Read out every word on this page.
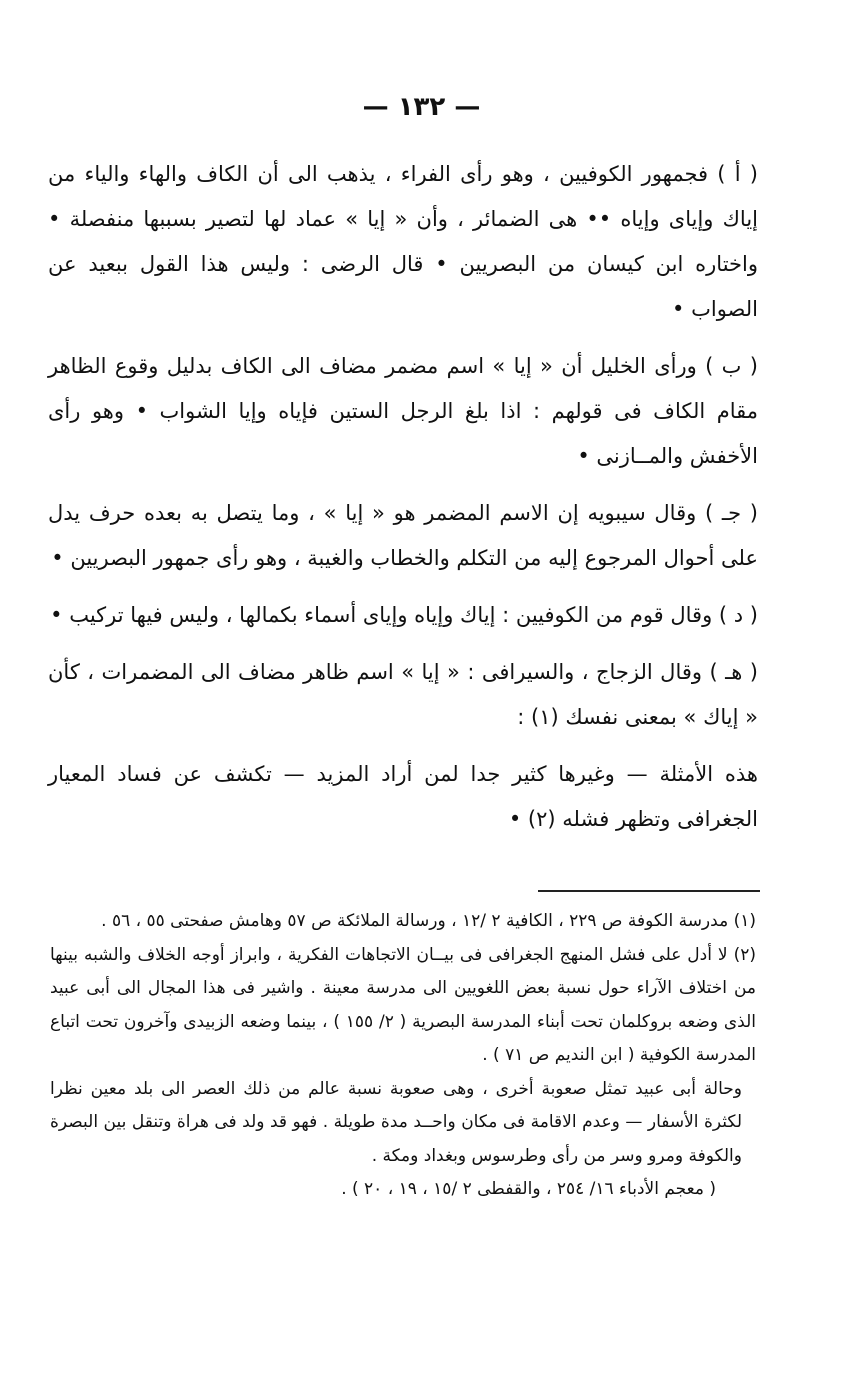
— ١٣٢ —

( أ ) فجمهور الكوفيين ، وهو رأى الفراء ، يذهب الى أن الكاف والهاء والياء من إياك وإياى وإياه •• هى الضمائر ، وأن « إيا » عماد لها لتصير بسببها منفصلة • واختاره ابن كيسان من البصريين • قال الرضى : وليس هذا القول ببعيد عن الصواب •

( ب ) ورأى الخليل أن « إيا » اسم مضمر مضاف الى الكاف بدليل وقوع الظاهر مقام الكاف فى قولهم : اذا بلغ الرجل الستين فإياه وإيا الشواب • وهو رأى الأخفش والمــازنى •

( جـ ) وقال سيبويه إن الاسم المضمر هو « إيا » ، وما يتصل به بعده حرف يدل على أحوال المرجوع إليه من التكلم والخطاب والغيبة ، وهو رأى جمهور البصريين •

( د ) وقال قوم من الكوفيين : إياك وإياه وإياى أسماء بكمالها ، وليس فيها تركيب •

( هـ ) وقال الزجاج ، والسيرافى : « إيا » اسم ظاهر مضاف الى المضمرات ، كأن « إياك » بمعنى نفسك (١) :

هذه الأمثلة — وغيرها كثير جدا لمن أراد المزيد — تكشف عن فساد المعيار الجغرافى وتظهر فشله (٢) •

(١) مدرسة الكوفة ص ٢٢٩ ، الكافية ٢ /١٢ ، ورسالة الملائكة ص ٥٧ وهامش صفحتى ٥٥ ، ٥٦ .

(٢) لا أدل على فشل المنهج الجغرافى فى بيــان الاتجاهات الفكرية ، وابراز أوجه الخلاف والشبه بينها من اختلاف الآراء حول نسبة بعض اللغويين الى مدرسة معينة . واشير فى هذا المجال الى أبى عبيد الذى وضعه بروكلمان تحت أبناء المدرسة البصرية ( ٢/ ١٥٥ ) ، بينما وضعه الزبيدى وآخرون تحت اتباع المدرسة الكوفية ( ابن النديم ص ٧١ ) .

وحالة أبى عبيد تمثل صعوبة أخرى ، وهى صعوبة نسبة عالم من ذلك العصر الى بلد معين نظرا لكثرة الأسفار — وعدم الاقامة فى مكان واحــد مدة طويلة . فهو قد ولد فى هراة وتنقل بين البصرة والكوفة ومرو وسر من رأى وطرسوس وبغداد ومكة .

( معجم الأدباء ١٦/ ٢٥٤ ، والقفطى ٢ /١٥ ، ١٩ ، ٢٠ ) .
